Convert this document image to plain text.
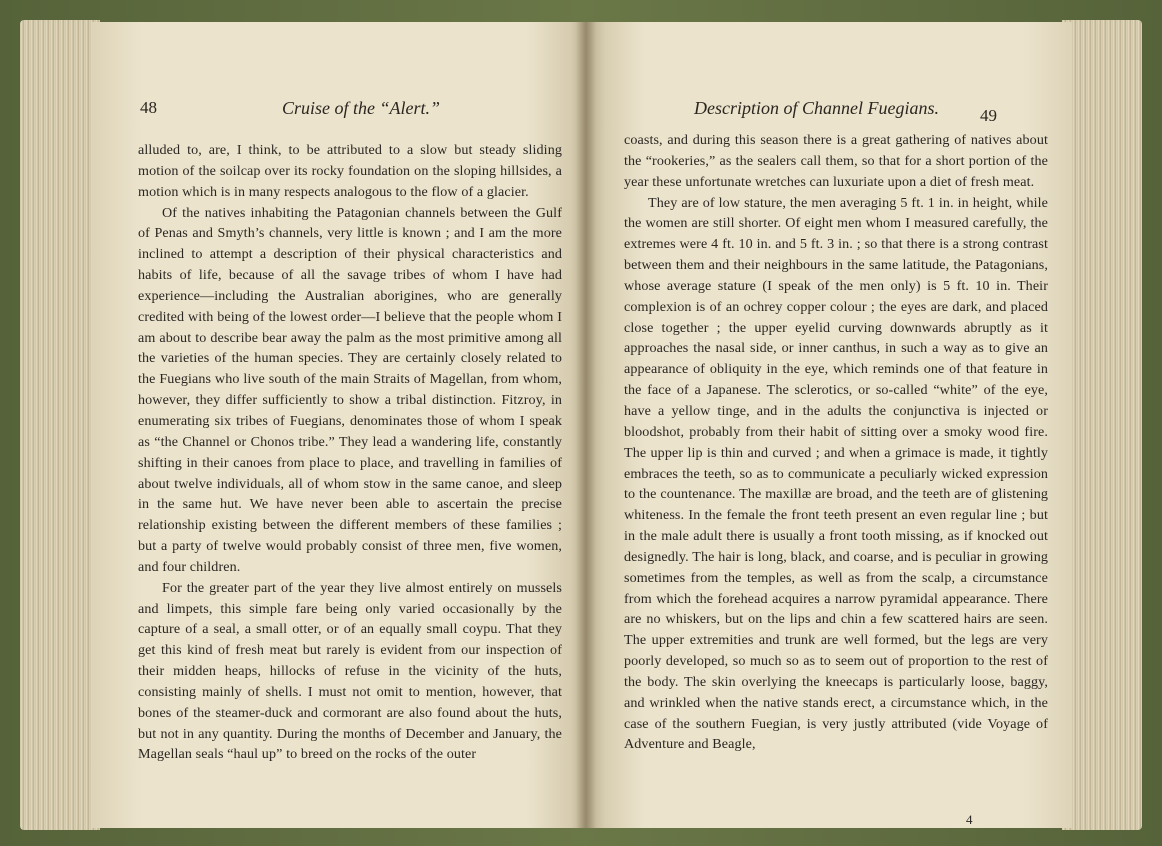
48	Cruise of the “Alert.”

alluded to, are, I think, to be attributed to a slow but steady sliding motion of the soilcap over its rocky foundation on the sloping hillsides, a motion which is in many respects analogous to the flow of a glacier.

Of the natives inhabiting the Patagonian channels between the Gulf of Penas and Smyth’s channels, very little is known ; and I am the more inclined to attempt a description of their physical characteristics and habits of life, because of all the savage tribes of whom I have had experience—including the Australian aborigines, who are generally credited with being of the lowest order—I believe that the people whom I am about to describe bear away the palm as the most primitive among all the varieties of the human species. They are certainly closely related to the Fuegians who live south of the main Straits of Magellan, from whom, however, they differ sufficiently to show a tribal distinction. Fitzroy, in enumerating six tribes of Fuegians, denominates those of whom I speak as “the Channel or Chonos tribe.” They lead a wandering life, constantly shifting in their canoes from place to place, and travelling in families of about twelve individuals, all of whom stow in the same canoe, and sleep in the same hut. We have never been able to ascertain the precise relationship existing between the different members of these families ; but a party of twelve would probably consist of three men, five women, and four children.

For the greater part of the year they live almost entirely on mussels and limpets, this simple fare being only varied occasionally by the capture of a seal, a small otter, or of an equally small coypu. That they get this kind of fresh meat but rarely is evident from our inspection of their midden heaps, hillocks of refuse in the vicinity of the huts, consisting mainly of shells. I must not omit to mention, however, that bones of the steamer-duck and cormorant are also found about the huts, but not in any quantity. During the months of December and January, the Magellan seals “haul up” to breed on the rocks of the outer

Description of Channel Fuegians. 49

coasts, and during this season there is a great gathering of natives about the “rookeries,” as the sealers call them, so that for a short portion of the year these unfortunate wretches can luxuriate upon a diet of fresh meat.

They are of low stature, the men averaging 5 ft. 1 in. in height, while the women are still shorter. Of eight men whom I measured carefully, the extremes were 4 ft. 10 in. and 5 ft. 3 in. ; so that there is a strong contrast between them and their neighbours in the same latitude, the Patagonians, whose average stature (I speak of the men only) is 5 ft. 10 in. Their complexion is of an ochrey copper colour ; the eyes are dark, and placed close together ; the upper eyelid curving downwards abruptly as it approaches the nasal side, or inner canthus, in such a way as to give an appearance of obliquity in the eye, which reminds one of that feature in the face of a Japanese. The sclerotics, or so-called “white” of the eye, have a yellow tinge, and in the adults the conjunctiva is injected or bloodshot, probably from their habit of sitting over a smoky wood fire. The upper lip is thin and curved ; and when a grimace is made, it tightly embraces the teeth, so as to communicate a peculiarly wicked expression to the countenance. The maxillæ are broad, and the teeth are of glistening whiteness. In the female the front teeth present an even regular line ; but in the male adult there is usually a front tooth missing, as if knocked out designedly. The hair is long, black, and coarse, and is peculiar in growing sometimes from the temples, as well as from the scalp, a circumstance from which the forehead acquires a narrow pyramidal appearance. There are no whiskers, but on the lips and chin a few scattered hairs are seen. The upper extremities and trunk are well formed, but the legs are very poorly developed, so much so as to seem out of proportion to the rest of the body. The skin overlying the kneecaps is particularly loose, baggy, and wrinkled when the native stands erect, a circumstance which, in the case of the southern Fuegian, is very justly attributed (vide Voyage of Adventure and Beagle,

4
